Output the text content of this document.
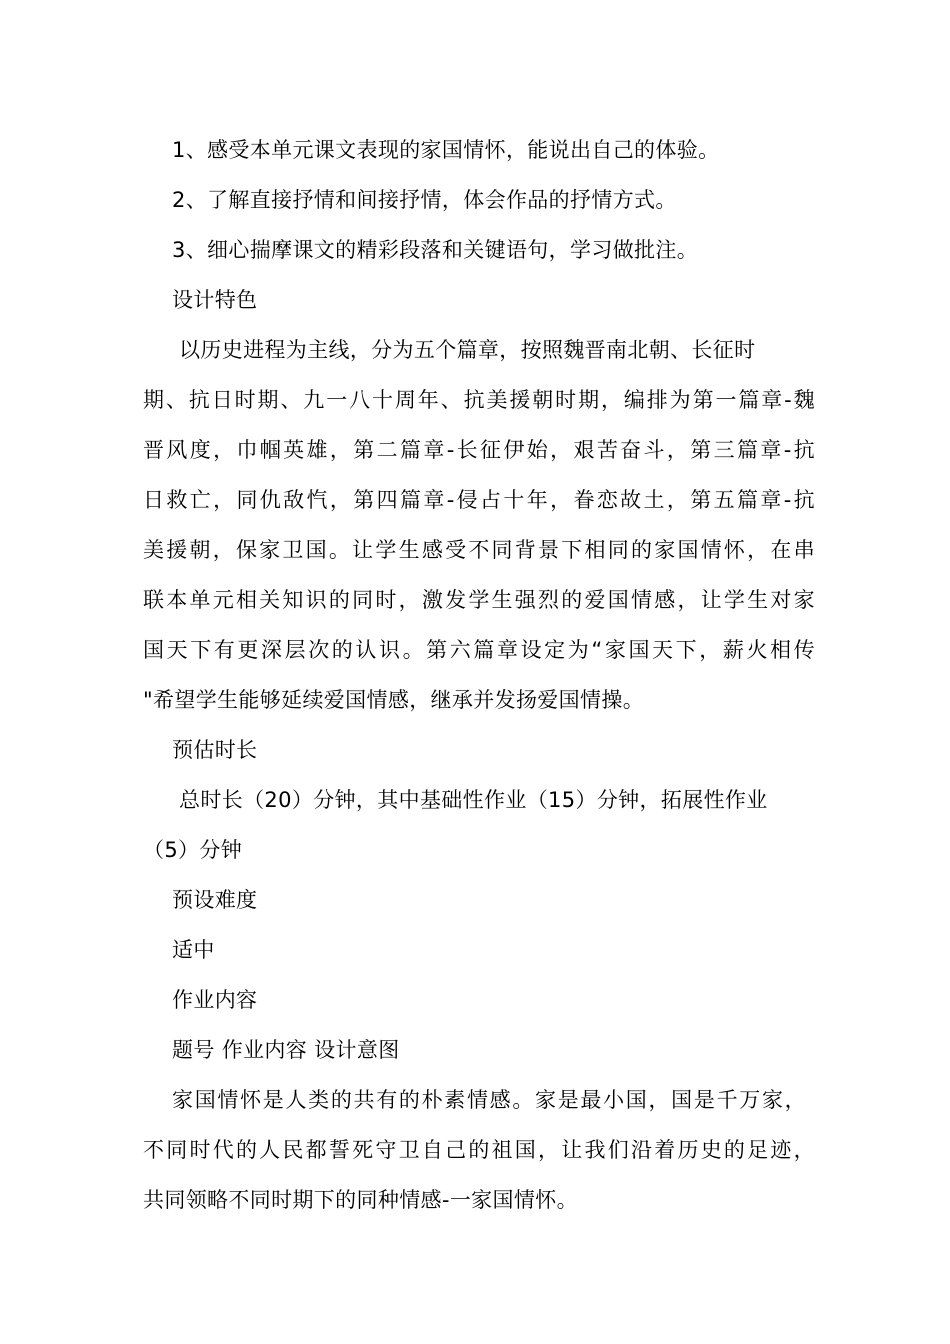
1、感受本单元课文表现的家国情怀，能说出自己的体验。
2、了解直接抒情和间接抒情，体会作品的抒情方式。
3、细心揣摩课文的精彩段落和关键语句，学习做批注。
设计特色
以历史进程为主线，分为五个篇章，按照魏晋南北朝、长征时
期、抗日时期、九一八十周年、抗美援朝时期，编排为第一篇章-魏
晋风度，巾帼英雄，第二篇章-长征伊始，艰苦奋斗，第三篇章-抗
日救亡，同仇敌忾，第四篇章-侵占十年，眷恋故土，第五篇章-抗
美援朝，保家卫国。让学生感受不同背景下相同的家国情怀，在串
联本单元相关知识的同时，激发学生强烈的爱国情感，让学生对家
国天下有更深层次的认识。第六篇章设定为“家国天下，薪火相传
"希望学生能够延续爱国情感，继承并发扬爱国情操。
预估时长
总时长（20）分钟，其中基础性作业（15）分钟，拓展性作业
（5）分钟
预设难度
适中
作业内容
题号 作业内容 设计意图
家国情怀是人类的共有的朴素情感。家是最小国，国是千万家，
不同时代的人民都誓死守卫自己的祖国，让我们沿着历史的足迹，
共同领略不同时期下的同种情感-一家国情怀。
